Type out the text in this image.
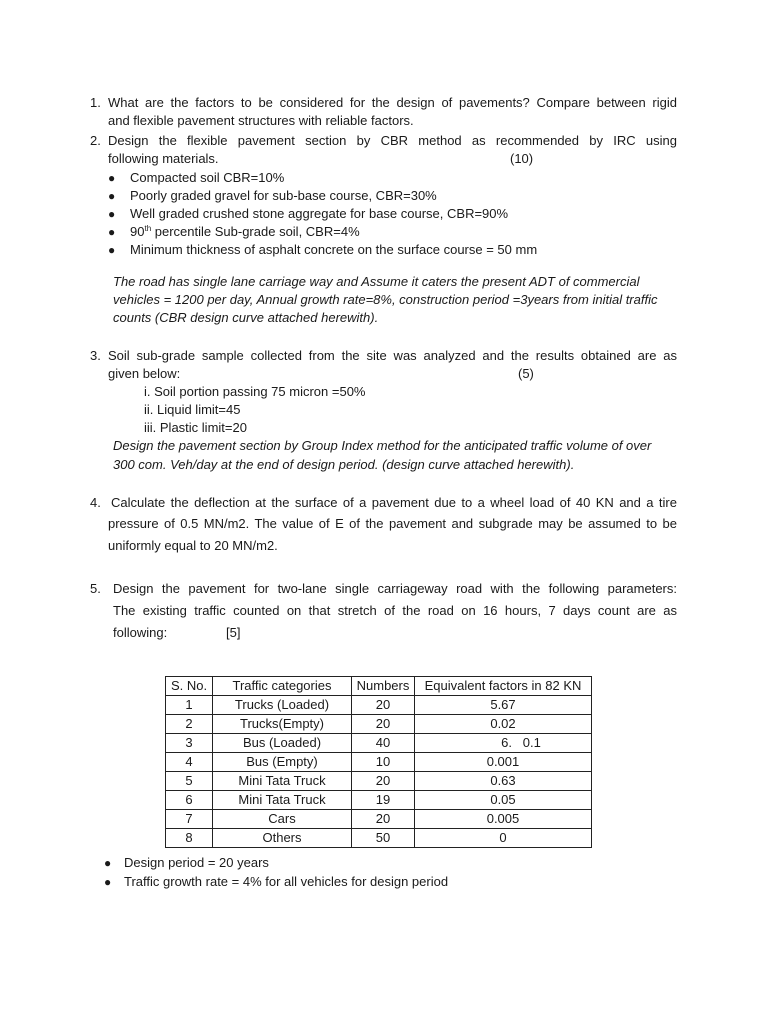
1. What are the factors to be considered for the design of pavements? Compare between rigid
and flexible pavement structures with reliable factors.
2. Design the flexible pavement section by CBR method as recommended by IRC using
following materials.	(10)
● Compacted soil CBR=10%
● Poorly graded gravel for sub-base course, CBR=30%
● Well graded crushed stone aggregate for base course, CBR=90%
● 90th percentile Sub-grade soil, CBR=4%
● Minimum thickness of asphalt concrete on the surface course = 50 mm
The road has single lane carriage way and Assume it caters the present ADT of commercial
vehicles = 1200 per day, Annual growth rate=8%, construction period =3years from initial traffic
counts (CBR design curve attached herewith).
3. Soil sub-grade sample collected from the site was analyzed and the results obtained are as
given below:	(5)
i. Soil portion passing 75 micron =50%
ii. Liquid limit=45
iii. Plastic limit=20
Design the pavement section by Group Index method for the anticipated traffic volume of over
300 com. Veh/day at the end of design period. (design curve attached herewith).
4. Calculate the deflection at the surface of a pavement due to a wheel load of 40 KN and a tire
pressure of 0.5 MN/m2. The value of E of the pavement and subgrade may be assumed to be
uniformly equal to 20 MN/m2.
5. Design the pavement for two-lane single carriageway road with the following parameters:
The existing traffic counted on that stretch of the road on 16 hours, 7 days count are as
following:	[5]
S. No.	Traffic categories	Numbers	Equivalent factors in 82 KN
1	Trucks (Loaded)	20	5.67
2	Trucks(Empty)	20	0.02
3	Bus (Loaded)	40	6.   0.1
4	Bus (Empty)	10	0.001
5	Mini Tata Truck	20	0.63
6	Mini Tata Truck	19	0.05
7	Cars	20	0.005
8	Others	50	0
● Design period = 20 years
● Traffic growth rate = 4% for all vehicles for design period
